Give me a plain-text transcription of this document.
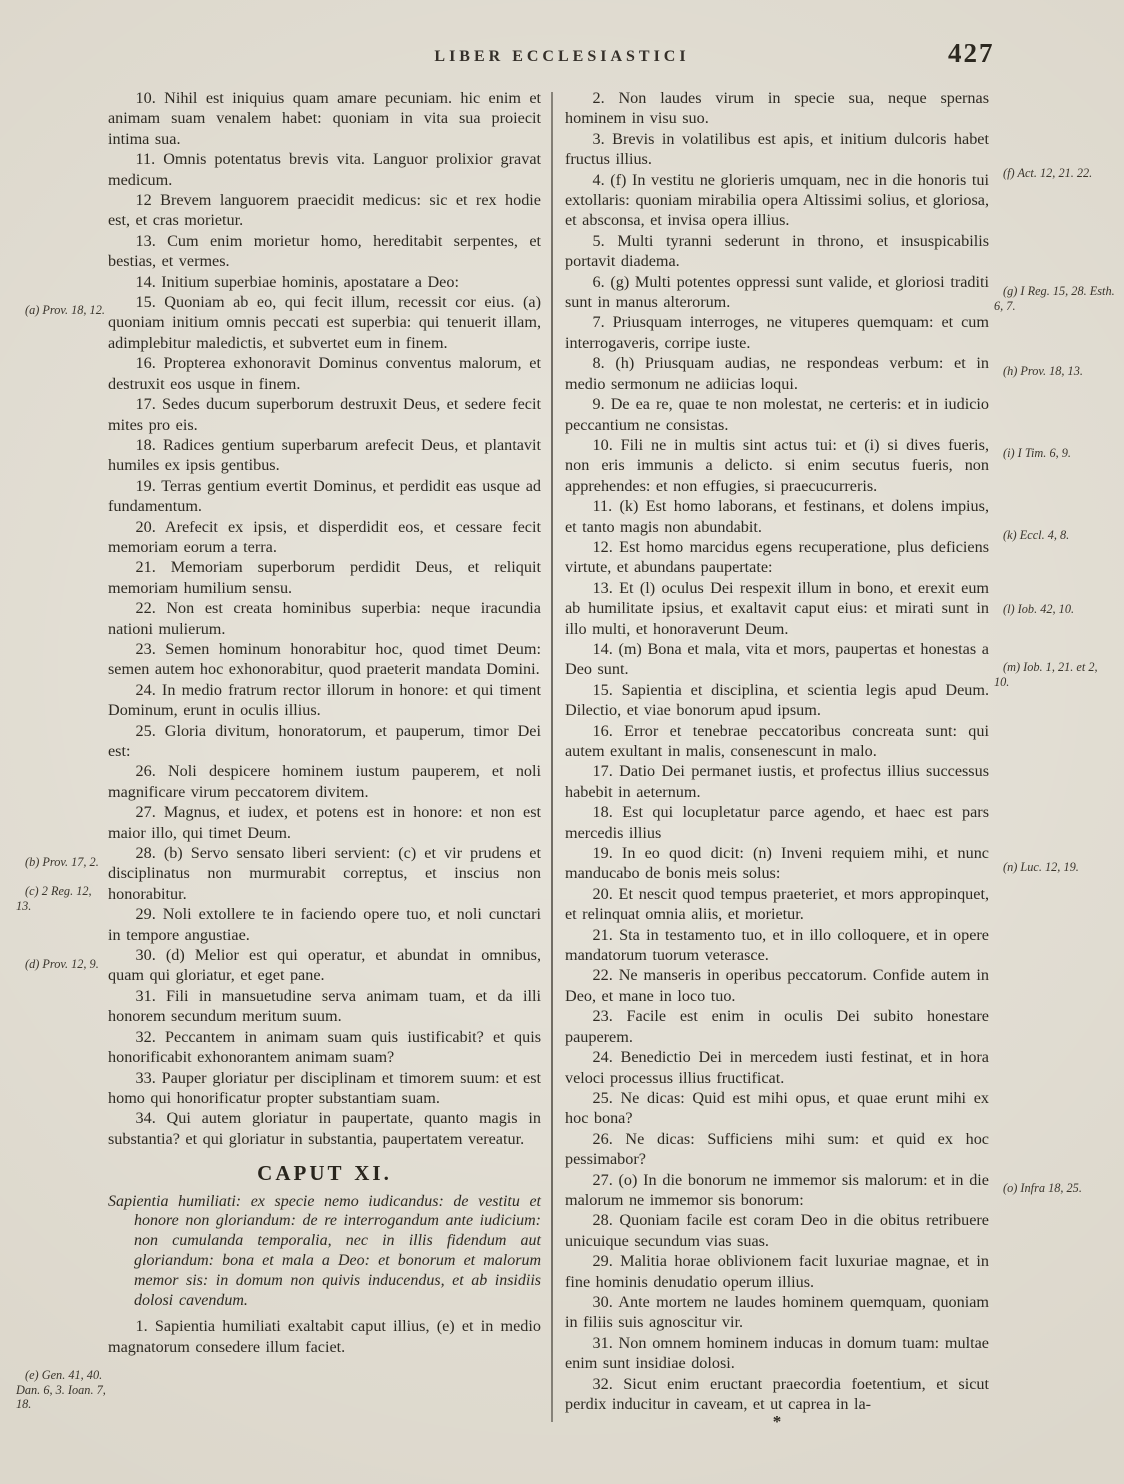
LIBER ECCLESIASTICI	427

10. Nihil est iniquius quam amare pecuniam. hic enim et animam suam venalem habet: quoniam in vita sua proiecit intima sua.

11. Omnis potentatus brevis vita. Languor prolixior gravat medicum.

12 Brevem languorem praecidit medicus: sic et rex hodie est, et cras morietur.

13. Cum enim morietur homo, hereditabit serpentes, et bestias, et vermes.

14. Initium superbiae hominis, apostatare a Deo:

15. Quoniam ab eo, qui fecit illum, recessit cor eius. (a) quoniam initium omnis peccati est superbia: qui tenuerit illam, adimplebitur maledictis, et subvertet eum in finem.

16. Propterea exhonoravit Dominus conventus malorum, et destruxit eos usque in finem.

17. Sedes ducum superborum destruxit Deus, et sedere fecit mites pro eis.

18. Radices gentium superbarum arefecit Deus, et plantavit humiles ex ipsis gentibus.

19. Terras gentium evertit Dominus, et perdidit eas usque ad fundamentum.

20. Arefecit ex ipsis, et disperdidit eos, et cessare fecit memoriam eorum a terra.

21. Memoriam superborum perdidit Deus, et reliquit memoriam humilium sensu.

22. Non est creata hominibus superbia: neque iracundia nationi mulierum.

23. Semen hominum honorabitur hoc, quod timet Deum: semen autem hoc exhonorabitur, quod praeterit mandata Domini.

24. In medio fratrum rector illorum in honore: et qui timent Dominum, erunt in oculis illius.

25. Gloria divitum, honoratorum, et pauperum, timor Dei est:

26. Noli despicere hominem iustum pauperem, et noli magnificare virum peccatorem divitem.

27. Magnus, et iudex, et potens est in honore: et non est maior illo, qui timet Deum.

28. (b) Servo sensato liberi servient: (c) et vir prudens et disciplinatus non murmurabit correptus, et inscius non honorabitur.

29. Noli extollere te in faciendo opere tuo, et noli cunctari in tempore angustiae.

30. (d) Melior est qui operatur, et abundat in omnibus, quam qui gloriatur, et eget pane.

31. Fili in mansuetudine serva animam tuam, et da illi honorem secundum meritum suum.

32. Peccantem in animam suam quis iustificabit? et quis honorificabit exhonorantem animam suam?

33. Pauper gloriatur per disciplinam et timorem suum: et est homo qui honorificatur propter substantiam suam.

34. Qui autem gloriatur in paupertate, quanto magis in substantia? et qui gloriatur in substantia, paupertatem vereatur.

CAPUT XI.

Sapientia humiliati: ex specie nemo iudicandus: de vestitu et honore non gloriandum: de re interrogandum ante iudicium: non cumulanda temporalia, nec in illis fidendum aut gloriandum: bona et mala a Deo: et bonorum et malorum memor sis: in domum non quivis inducendus, et ab insidiis dolosi cavendum.

1. Sapientia humiliati exaltabit caput illius, (e) et in medio magnatorum consedere illum faciet.

2. Non laudes virum in specie sua, neque spernas hominem in visu suo.

3. Brevis in volatilibus est apis, et initium dulcoris habet fructus illius.

4. (f) In vestitu ne glorieris umquam, nec in die honoris tui extollaris: quoniam mirabilia opera Altissimi solius, et gloriosa, et absconsa, et invisa opera illius.

5. Multi tyranni sederunt in throno, et insuspicabilis portavit diadema.

6. (g) Multi potentes oppressi sunt valide, et gloriosi traditi sunt in manus alterorum.

7. Priusquam interroges, ne vituperes quemquam: et cum interrogaveris, corripe iuste.

8. (h) Priusquam audias, ne respondeas verbum: et in medio sermonum ne adiicias loqui.

9. De ea re, quae te non molestat, ne certeris: et in iudicio peccantium ne consistas.

10. Fili ne in multis sint actus tui: et (i) si dives fueris, non eris immunis a delicto. si enim secutus fueris, non apprehendes: et non effugies, si praecucurreris.

11. (k) Est homo laborans, et festinans, et dolens impius, et tanto magis non abundabit.

12. Est homo marcidus egens recuperatione, plus deficiens virtute, et abundans paupertate:

13. Et (l) oculus Dei respexit illum in bono, et erexit eum ab humilitate ipsius, et exaltavit caput eius: et mirati sunt in illo multi, et honoraverunt Deum.

14. (m) Bona et mala, vita et mors, paupertas et honestas a Deo sunt.

15. Sapientia et disciplina, et scientia legis apud Deum. Dilectio, et viae bonorum apud ipsum.

16. Error et tenebrae peccatoribus concreata sunt: qui autem exultant in malis, consenescunt in malo.

17. Datio Dei permanet iustis, et profectus illius successus habebit in aeternum.

18. Est qui locupletatur parce agendo, et haec est pars mercedis illius

19. In eo quod dicit: (n) Inveni requiem mihi, et nunc manducabo de bonis meis solus:

20. Et nescit quod tempus praeteriet, et mors appropinquet, et relinquat omnia aliis, et morietur.

21. Sta in testamento tuo, et in illo colloquere, et in opere mandatorum tuorum veterasce.

22. Ne manseris in operibus peccatorum. Confide autem in Deo, et mane in loco tuo.

23. Facile est enim in oculis Dei subito honestare pauperem.

24. Benedictio Dei in mercedem iusti festinat, et in hora veloci processus illius fructificat.

25. Ne dicas: Quid est mihi opus, et quae erunt mihi ex hoc bona?

26. Ne dicas: Sufficiens mihi sum: et quid ex hoc pessimabor?

27. (o) In die bonorum ne immemor sis malorum: et in die malorum ne immemor sis bonorum:

28. Quoniam facile est coram Deo in die obitus retribuere unicuique secundum vias suas.

29. Malitia horae oblivionem facit luxuriae magnae, et in fine hominis denudatio operum illius.

30. Ante mortem ne laudes hominem quemquam, quoniam in filiis suis agnoscitur vir.

31. Non omnem hominem inducas in domum tuam: multae enim sunt insidiae dolosi.

32. Sicut enim eructant praecordia foetentium, et sicut perdix inducitur in caveam, et ut caprea in la-

*
(a) Prov. 18, 12.
(b) Prov. 17, 2.
(c) 2 Reg. 12, 13.
(d) Prov. 12, 9.
(e) Gen. 41, 40. Dan. 6, 3. Ioan. 7, 18.
(f) Act. 12, 21. 22.
(g) I Reg. 15, 28. Esth. 6, 7.
(h) Prov. 18, 13.
(i) I Tim. 6, 9.
(k) Eccl. 4, 8.
(l) Iob. 42, 10.
(m) Iob. 1, 21. et 2, 10.
(n) Luc. 12, 19.
(o) Infra 18, 25.
